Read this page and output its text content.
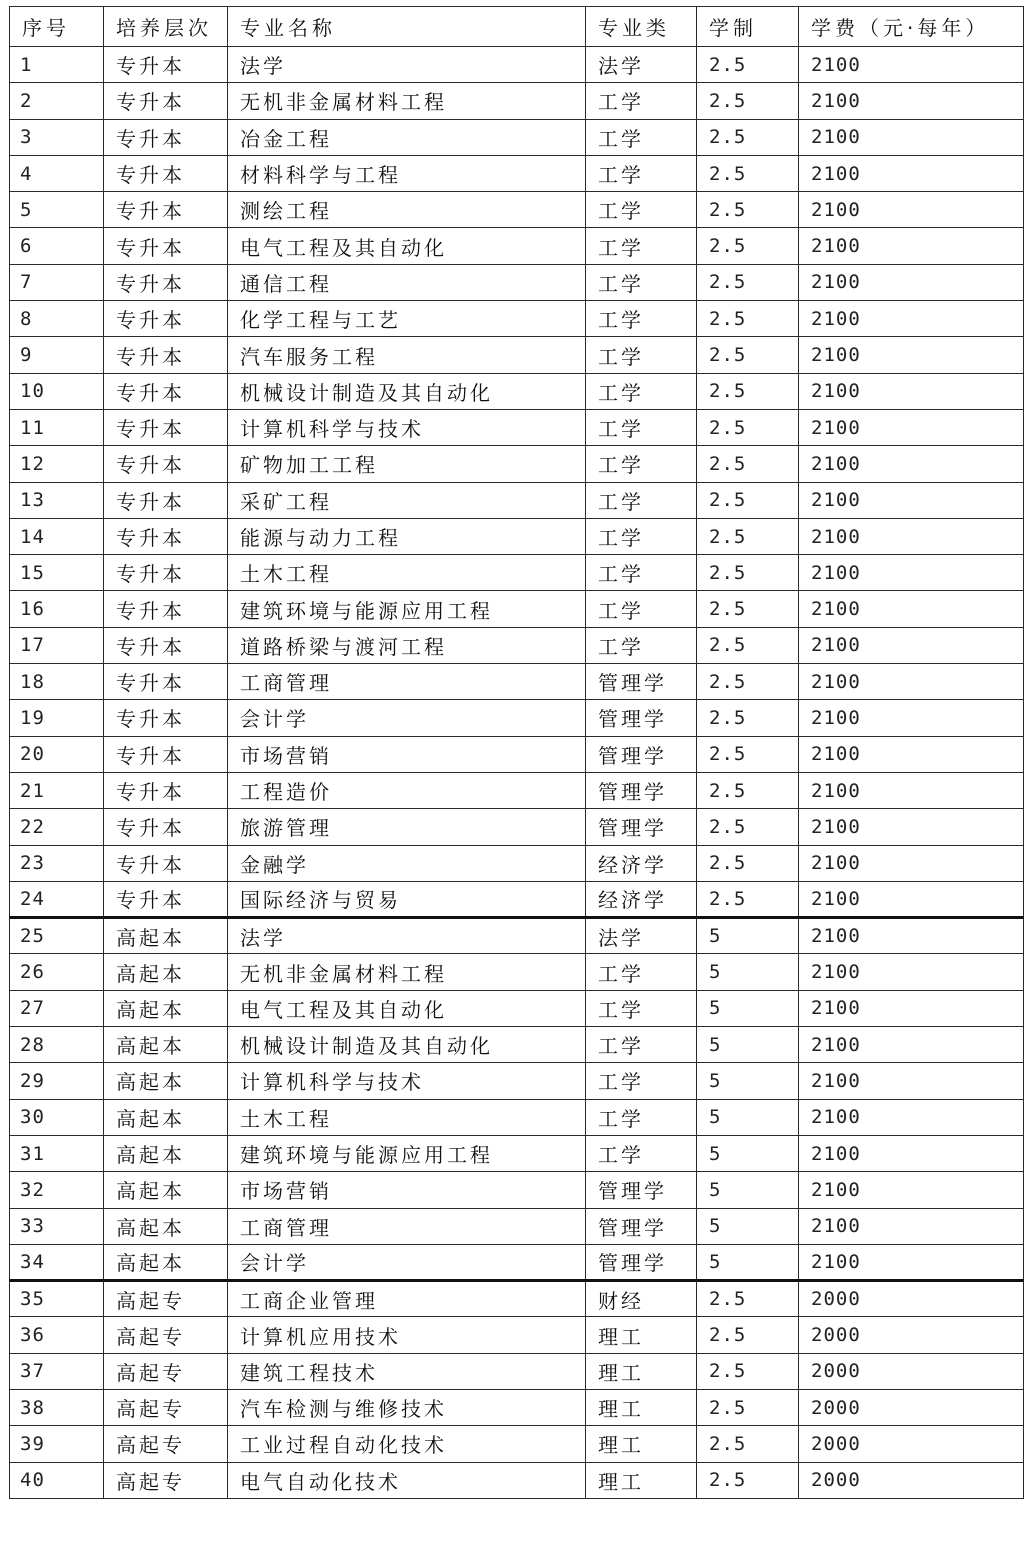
序号	培养层次	专业名称	专业类	学制	学费（元·每年）
1	专升本	法学	法学	2.5	2100
2	专升本	无机非金属材料工程	工学	2.5	2100
3	专升本	冶金工程	工学	2.5	2100
4	专升本	材料科学与工程	工学	2.5	2100
5	专升本	测绘工程	工学	2.5	2100
6	专升本	电气工程及其自动化	工学	2.5	2100
7	专升本	通信工程	工学	2.5	2100
8	专升本	化学工程与工艺	工学	2.5	2100
9	专升本	汽车服务工程	工学	2.5	2100
10	专升本	机械设计制造及其自动化	工学	2.5	2100
11	专升本	计算机科学与技术	工学	2.5	2100
12	专升本	矿物加工工程	工学	2.5	2100
13	专升本	采矿工程	工学	2.5	2100
14	专升本	能源与动力工程	工学	2.5	2100
15	专升本	土木工程	工学	2.5	2100
16	专升本	建筑环境与能源应用工程	工学	2.5	2100
17	专升本	道路桥梁与渡河工程	工学	2.5	2100
18	专升本	工商管理	管理学	2.5	2100
19	专升本	会计学	管理学	2.5	2100
20	专升本	市场营销	管理学	2.5	2100
21	专升本	工程造价	管理学	2.5	2100
22	专升本	旅游管理	管理学	2.5	2100
23	专升本	金融学	经济学	2.5	2100
24	专升本	国际经济与贸易	经济学	2.5	2100
25	高起本	法学	法学	5	2100
26	高起本	无机非金属材料工程	工学	5	2100
27	高起本	电气工程及其自动化	工学	5	2100
28	高起本	机械设计制造及其自动化	工学	5	2100
29	高起本	计算机科学与技术	工学	5	2100
30	高起本	土木工程	工学	5	2100
31	高起本	建筑环境与能源应用工程	工学	5	2100
32	高起本	市场营销	管理学	5	2100
33	高起本	工商管理	管理学	5	2100
34	高起本	会计学	管理学	5	2100
35	高起专	工商企业管理	财经	2.5	2000
36	高起专	计算机应用技术	理工	2.5	2000
37	高起专	建筑工程技术	理工	2.5	2000
38	高起专	汽车检测与维修技术	理工	2.5	2000
39	高起专	工业过程自动化技术	理工	2.5	2000
40	高起专	电气自动化技术	理工	2.5	2000
